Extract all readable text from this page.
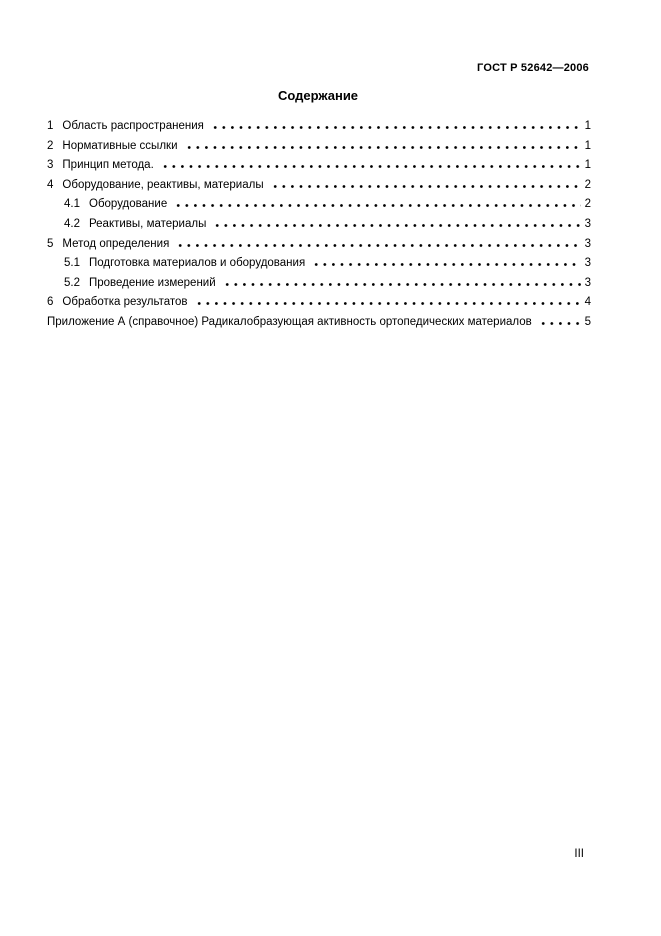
ГОСТ Р 52642—2006
Содержание
1 Область распространения	1
2 Нормативные ссылки	1
3 Принцип метода.	1
4 Оборудование, реактивы, материалы	2
4.1 Оборудование	2
4.2 Реактивы, материалы	3
5 Метод определения	3
5.1 Подготовка материалов и оборудования	3
5.2 Проведение измерений	3
6 Обработка результатов	4
Приложение А (справочное) Радикалобразующая активность ортопедических материалов	5
III
